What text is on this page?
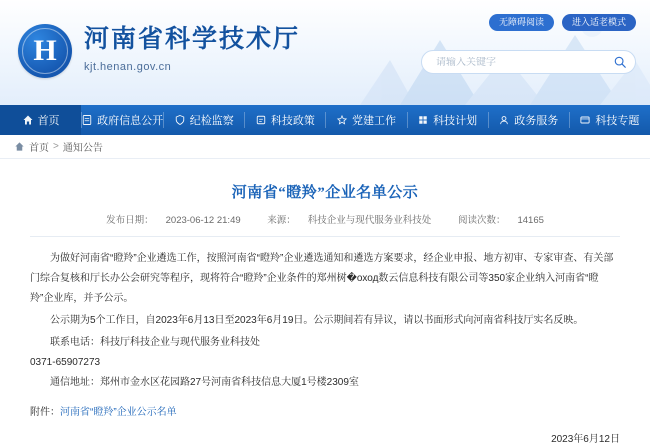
无障碍阅读	进入适老模式
H 河南省科学技术厅
kjt.henan.gov.cn
请输入关键字
首页	政府信息公开 纪检监察	科技政策	党建工作	科技计划	政务服务	科技专题
首页 > 通知公告
河南省“瞪羚”企业名单公示
发布日期： 2023-06-12 21:49	来源： 科技企业与现代服务业科技处	阅读次数： 14165

为做好河南省“瞪羚”企业遴选工作，按照河南省“瞪羚”企业遴选通知和遴选方案要求，经企业申报、地方初审、专家审查、有关部门综合复核和厅长办公会研究等程序，现将符合“瞪羚”企业条件的郑州树�оход数云信息科技有限公司等350家企业纳入河南省“瞪羚”企业库，并予公示。

公示期为5个工作日，自2023年6月13日至2023年6月19日。公示期间若有异议，请以书面形式向河南省科技厅实名反映。

联系电话：科技厅科技企业与现代服务业科技处

0371-65907273

通信地址：郑州市金水区花园路27号河南省科技信息大厦1号楼2309室

附件：河南省“瞪羚”企业公示名单
2023年6月12日
